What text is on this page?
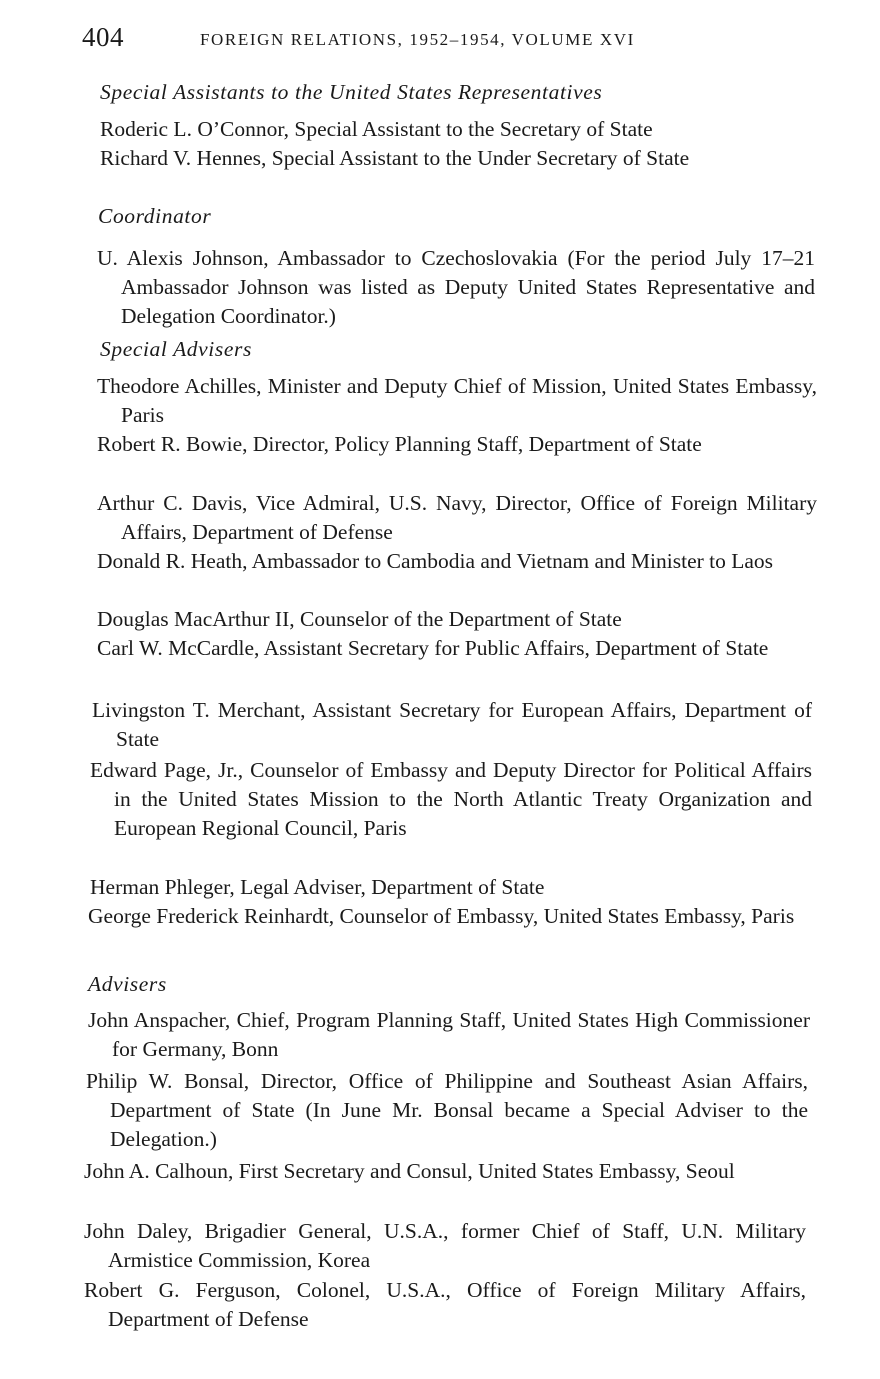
404	FOREIGN RELATIONS, 1952–1954, VOLUME XVI
Special Assistants to the United States Representatives
Roderic L. O’Connor, Special Assistant to the Secretary of State
Richard V. Hennes, Special Assistant to the Under Secretary of State
Coordinator
U. Alexis Johnson, Ambassador to Czechoslovakia (For the period July 17–21 Ambassador Johnson was listed as Deputy United States Representative and Delegation Coordinator.)
Special Advisers
Theodore Achilles, Minister and Deputy Chief of Mission, United States Embassy, Paris
Robert R. Bowie, Director, Policy Planning Staff, Department of State
Arthur C. Davis, Vice Admiral, U.S. Navy, Director, Office of Foreign Military Affairs, Department of Defense
Donald R. Heath, Ambassador to Cambodia and Vietnam and Minister to Laos
Douglas MacArthur II, Counselor of the Department of State
Carl W. McCardle, Assistant Secretary for Public Affairs, Department of State
Livingston T. Merchant, Assistant Secretary for European Affairs, Department of State
Edward Page, Jr., Counselor of Embassy and Deputy Director for Political Affairs in the United States Mission to the North Atlantic Treaty Organization and European Regional Council, Paris
Herman Phleger, Legal Adviser, Department of State
George Frederick Reinhardt, Counselor of Embassy, United States Embassy, Paris
Advisers
John Anspacher, Chief, Program Planning Staff, United States High Commissioner for Germany, Bonn
Philip W. Bonsal, Director, Office of Philippine and Southeast Asian Affairs, Department of State (In June Mr. Bonsal became a Special Adviser to the Delegation.)
John A. Calhoun, First Secretary and Consul, United States Embassy, Seoul
John Daley, Brigadier General, U.S.A., former Chief of Staff, U.N. Military Armistice Commission, Korea
Robert G. Ferguson, Colonel, U.S.A., Office of Foreign Military Affairs, Department of Defense
